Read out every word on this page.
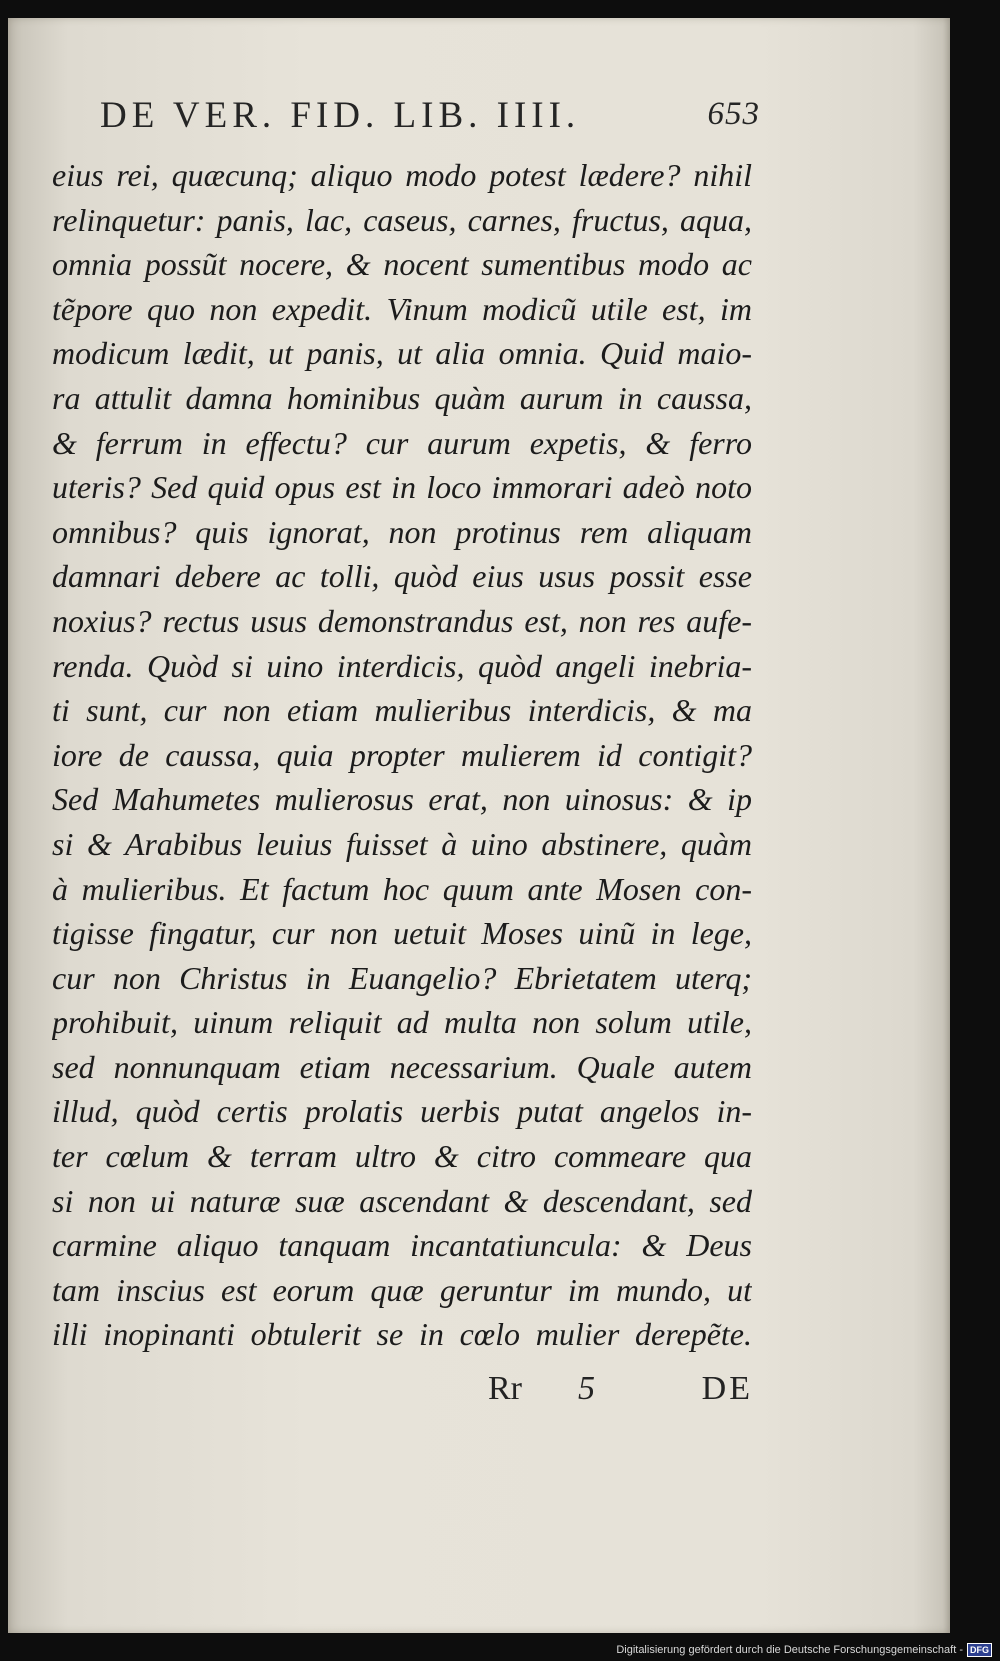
DE VER. FID. LIB. IIII.	653
eius rei, quæcunq; aliquo modo potest lædere? nihil
relinquetur: panis, lac, caseus, carnes, fructus, aqua,
omnia possũt nocere, & nocent sumentibus modo ac
tẽpore quo non expedit. Vinum modicũ utile est, im
modicum lædit, ut panis, ut alia omnia. Quid maio-
ra attulit damna hominibus quàm aurum in caussa,
& ferrum in effectu? cur aurum expetis, & ferro
uteris? Sed quid opus est in loco immorari adeò noto
omnibus? quis ignorat, non protinus rem aliquam
damnari debere ac tolli, quòd eius usus possit esse
noxius? rectus usus demonstrandus est, non res aufe-
renda. Quòd si uino interdicis, quòd angeli inebria-
ti sunt, cur non etiam mulieribus interdicis, & ma
iore de caussa, quia propter mulierem id contigit?
Sed Mahumetes mulierosus erat, non uinosus: & ip
si & Arabibus leuius fuisset à uino abstinere, quàm
à mulieribus. Et factum hoc quum ante Mosen con-
tigisse fingatur, cur non uetuit Moses uinũ in lege,
cur non Christus in Euangelio? Ebrietatem uterq;
prohibuit, uinum reliquit ad multa non solum utile,
sed nonnunquam etiam necessarium. Quale autem
illud, quòd certis prolatis uerbis putat angelos in-
ter cœlum & terram ultro & citro commeare qua
si non ui naturæ suæ ascendant & descendant, sed
carmine aliquo tanquam incantatiuncula: & Deus
tam inscius est eorum quæ geruntur im mundo, ut
illi inopinanti obtulerit se in cœlo mulier derepẽte.
Rr 5	DE
Digitalisierung gefördert durch die Deutsche Forschungsgemeinschaft - DFG
